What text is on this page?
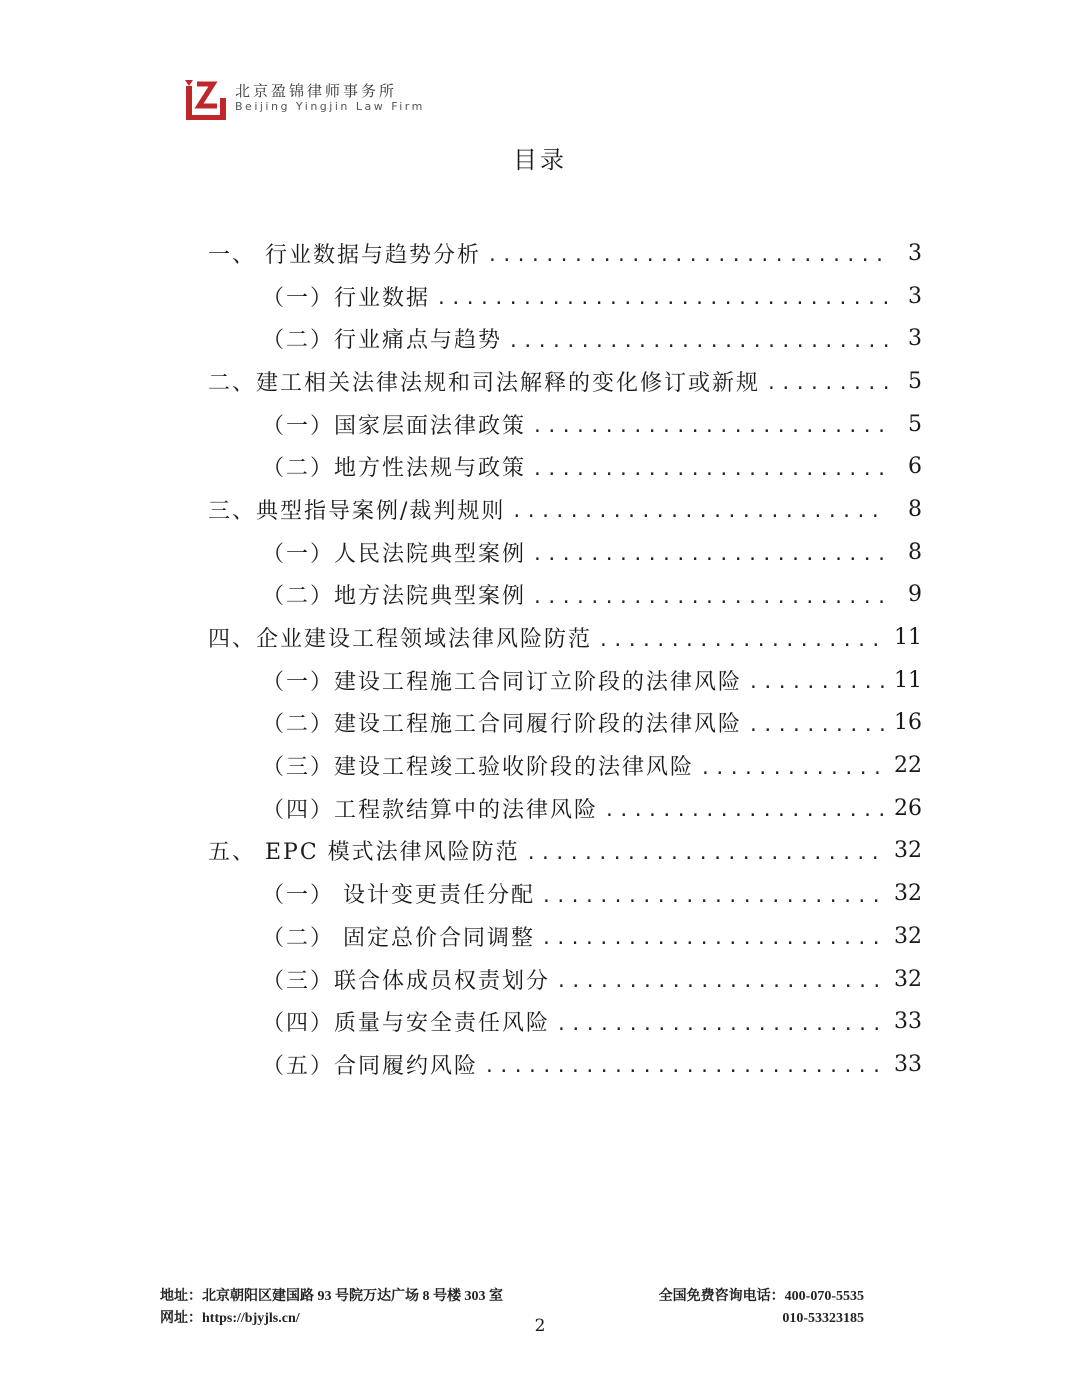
北京盈锦律师事务所
Beijing Yingjin Law Firm
目录
一、 行业数据与趋势分析 .....	3
（一）行业数据 .....	3
（二）行业痛点与趋势 .....	3
二、建工相关法律法规和司法解释的变化修订或新规 .....	5
（一）国家层面法律政策 .....	5
（二）地方性法规与政策 .....	6
三、典型指导案例/裁判规则 .....	8
（一）人民法院典型案例 .....	8
（二）地方法院典型案例 .....	9
四、企业建设工程领域法律风险防范 .....	11
（一）建设工程施工合同订立阶段的法律风险 .....	11
（二）建设工程施工合同履行阶段的法律风险 .....	16
（三）建设工程竣工验收阶段的法律风险 .....	22
（四）工程款结算中的法律风险 .....	26
五、 EPC 模式法律风险防范 .....	32
（一） 设计变更责任分配 .....	32
（二） 固定总价合同调整 .....	32
（三）联合体成员权责划分 .....	32
（四）质量与安全责任风险 .....	33
（五）合同履约风险 .....	33
地址：北京朝阳区建国路 93 号院万达广场 8 号楼 303 室
网址：https://bjyjls.cn/
全国免费咨询电话：400-070-5535
010-53323185
2
